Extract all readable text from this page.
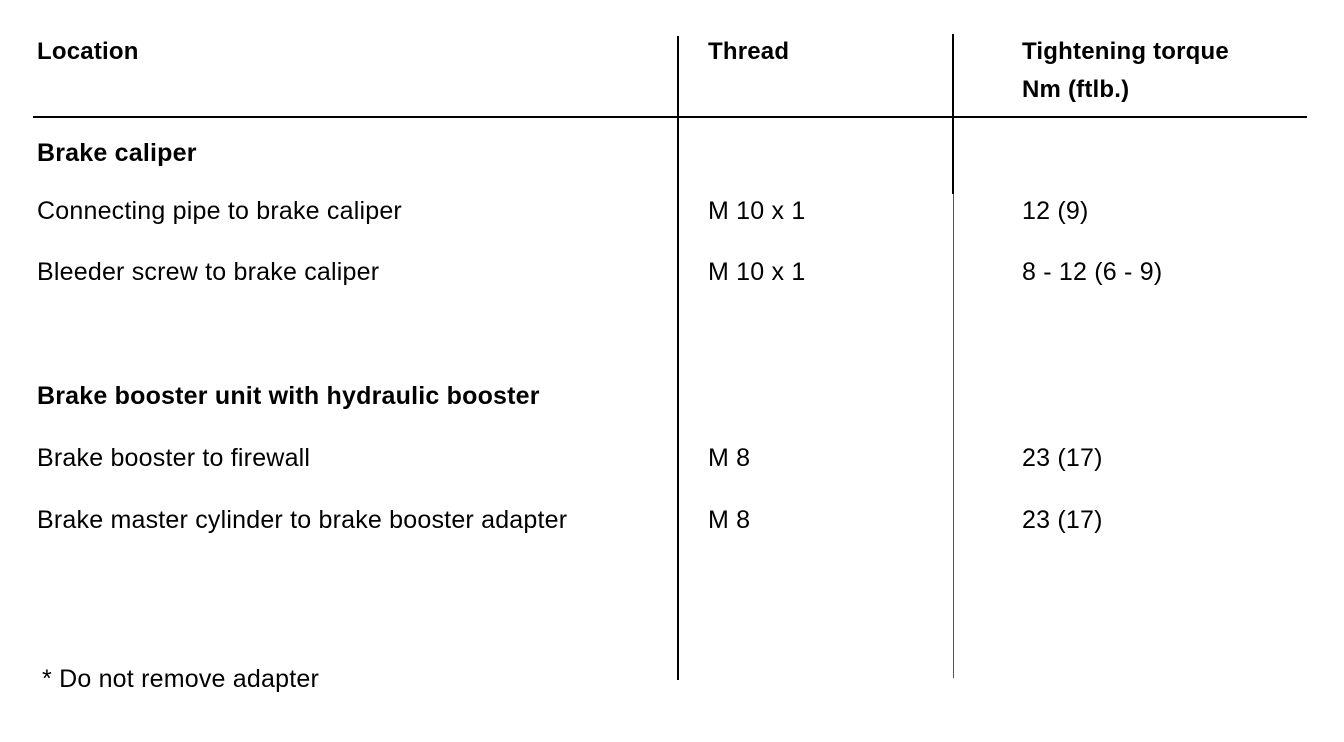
Location	Thread	Tightening torque
Nm (ftlb.)
Brake caliper
Connecting pipe to brake caliper	M 10 x 1	12 (9)
Bleeder screw to brake caliper	M 10 x 1	8 - 12 (6 - 9)
Brake booster unit with hydraulic booster
Brake booster to firewall	M 8	23 (17)
Brake master cylinder to brake booster adapter	M 8	23 (17)
* Do not remove adapter
